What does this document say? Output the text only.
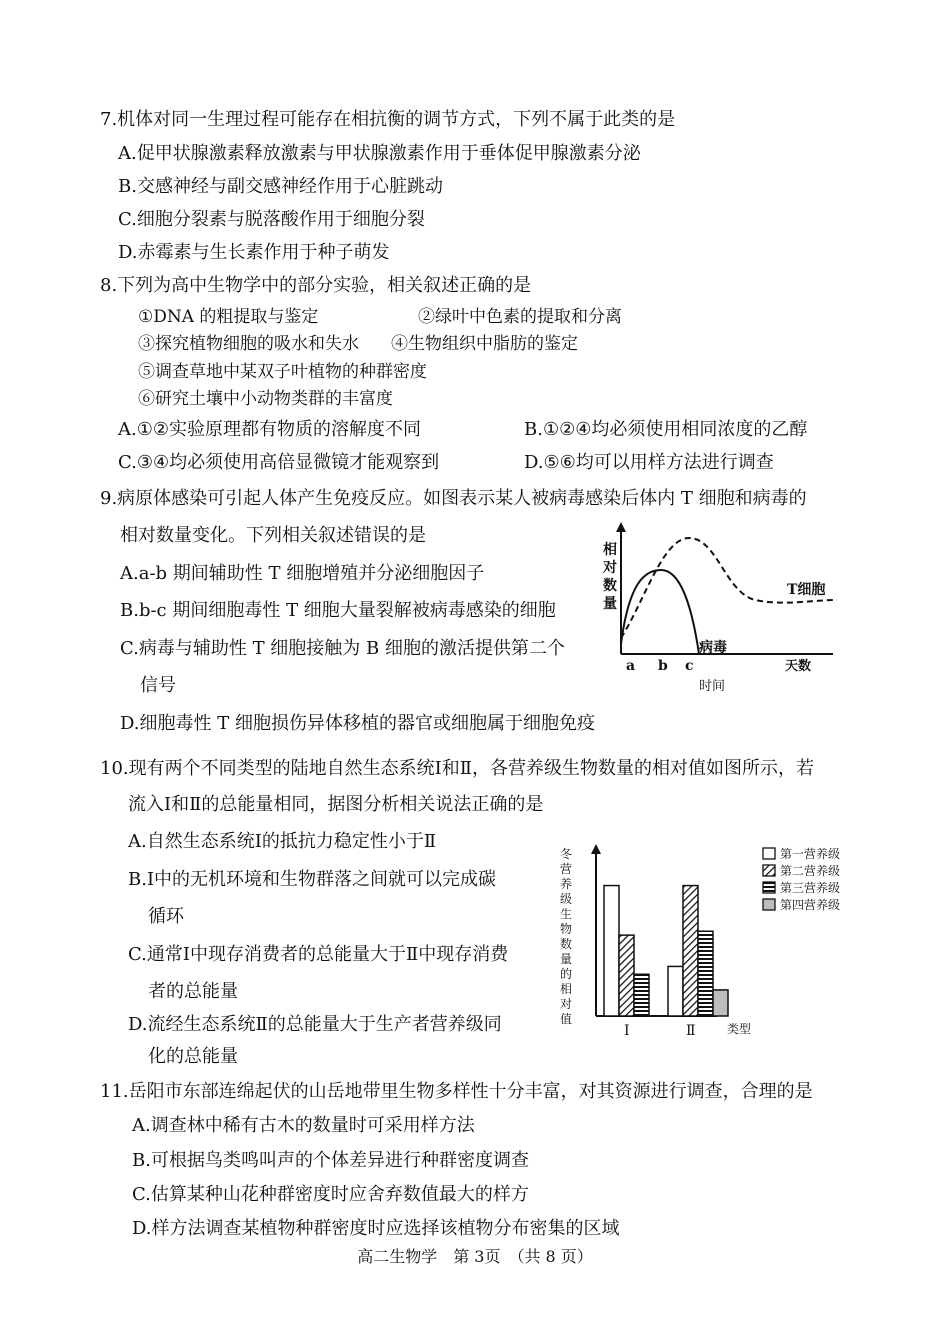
7.机体对同一生理过程可能存在相抗衡的调节方式，下列不属于此类的是
A.促甲状腺激素释放激素与甲状腺激素作用于垂体促甲腺激素分泌
B.交感神经与副交感神经作用于心脏跳动
C.细胞分裂素与脱落酸作用于细胞分裂
D.赤霉素与生长素作用于种子萌发
8.下列为高中生物学中的部分实验，相关叙述正确的是
①DNA 的粗提取与鉴定	②绿叶中色素的提取和分离
③探究植物细胞的吸水和失水 ④生物组织中脂肪的鉴定
⑤调查草地中某双子叶植物的种群密度
⑥研究土壤中小动物类群的丰富度
A.①②实验原理都有物质的溶解度不同	B.①②④均必须使用相同浓度的乙醇
C.③④均必须使用高倍显微镜才能观察到	D.⑤⑥均可以用样方法进行调查
9.病原体感染可引起人体产生免疫反应。如图表示某人被病毒感染后体内 T 细胞和病毒的
相对数量变化。下列相关叙述错误的是
A.a-b 期间辅助性 T 细胞增殖并分泌细胞因子
B.b-c 期间细胞毒性 T 细胞大量裂解被病毒感染的细胞
C.病毒与辅助性 T 细胞接触为 B 细胞的激活提供第二个
信号
D.细胞毒性 T 细胞损伤异体移植的器官或细胞属于细胞免疫
相
对
数
量
T细胞
病毒
a b c	天数
时间
10.现有两个不同类型的陆地自然生态系统Ⅰ和Ⅱ，各营养级生物数量的相对值如图所示，若
流入Ⅰ和Ⅱ的总能量相同，据图分析相关说法正确的是
A.自然生态系统Ⅰ的抵抗力稳定性小于Ⅱ
B.Ⅰ中的无机环境和生物群落之间就可以完成碳
循环
C.通常Ⅰ中现存消费者的总能量大于Ⅱ中现存消费
者的总能量
D.流经生态系统Ⅱ的总能量大于生产者营养级同
化的总能量
冬
营
养
级
生
物
数
量
的
相
对
值
Ⅰ	Ⅱ	类型
第一营养级
第二营养级
第三营养级
第四营养级
11.岳阳市东部连绵起伏的山岳地带里生物多样性十分丰富，对其资源进行调查，合理的是
A.调查林中稀有古木的数量时可采用样方法
B.可根据鸟类鸣叫声的个体差异进行种群密度调查
C.估算某种山花种群密度时应舍弃数值最大的样方
D.样方法调查某植物种群密度时应选择该植物分布密集的区域
高二生物学　第 3页　（共 8 页）
